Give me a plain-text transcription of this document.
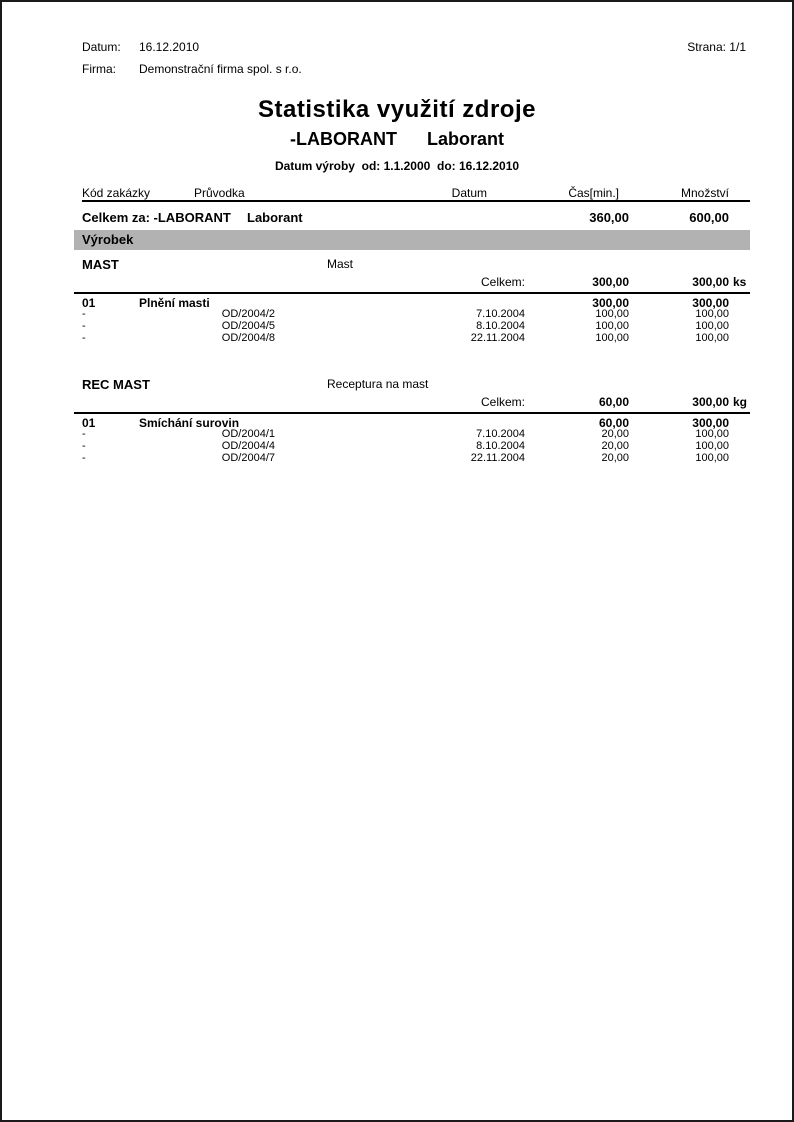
Datum:	16.12.2010
Firma:	Demonstrační firma spol. s r.o.
Strana: 1/1
Statistika využití zdroje
-LABORANT Laborant
Datum výroby  od: 1.1.2000  do: 16.12.2010
Kód zakázky	Průvodka	Datum	Čas[min.]	Množství
Celkem za: -LABORANT	Laborant	360,00	600,00
Výrobek
MAST	Mast
Celkem:	300,00	300,00 ks
01	Plnění masti	300,00	300,00
-	OD/2004/2	7.10.2004	100,00	100,00
-	OD/2004/5	8.10.2004	100,00	100,00
-	OD/2004/8	22.11.2004	100,00	100,00
REC MAST	Receptura na mast
Celkem:	60,00	300,00 kg
01	Smíchání surovin	60,00	300,00
-	OD/2004/1	7.10.2004	20,00	100,00
-	OD/2004/4	8.10.2004	20,00	100,00
-	OD/2004/7	22.11.2004	20,00	100,00
